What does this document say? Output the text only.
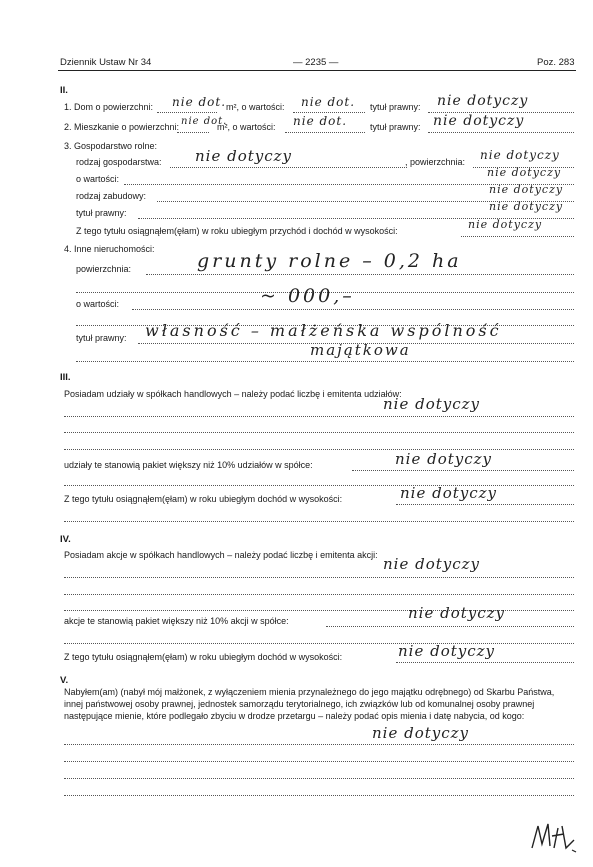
Dziennik Ustaw Nr 34	— 2235 —	Poz. 283
II.
1. Dom o powierzchni: nie dot. m², o wartości: nie dot. tytuł prawny: nie dotyczy
2. Mieszkanie o powierzchni: nie dot.
m², o wartości: nie dot.	tytuł prawny: nie dotyczy
3. Gospodarstwo rolne:
rodzaj gospodarstwa: nie dotyczy	, powierzchnia: nie dotyczy
o wartości:	nie dotyczy
rodzaj zabudowy:	nie dotyczy
tytuł prawny:	nie dotyczy
Z tego tytułu osiągnąłem(ęłam) w roku ubiegłym przychód i dochód w wysokości:	nie dotyczy
4. Inne nieruchomości:
powierzchnia:	grunty rolne – 0,2 ha
o wartości:	~ 000,–
tytuł prawny: własność – małżeńska wspólność
majątkowa
III.
Posiadam udziały w spółkach handlowych – należy podać liczbę i emitenta udziałów:
nie dotyczy
udziały te stanowią pakiet większy niż 10% udziałów w spółce:	nie dotyczy
Z tego tytułu osiągnąłem(ęłam) w roku ubiegłym dochód w wysokości:	nie dotyczy
IV.
Posiadam akcje w spółkach handlowych – należy podać liczbę i emitenta akcji: nie dotyczy
akcje te stanowią pakiet większy niż 10% akcji w spółce:	nie dotyczy
Z tego tytułu osiągnąłem(ęłam) w roku ubiegłym dochód w wysokości:	nie dotyczy
V.
Nabyłem(am) (nabył mój małżonek, z wyłączeniem mienia przynależnego do jego majątku odrębnego) od Skarbu Państwa, innej państwowej osoby prawnej, jednostek samorządu terytorialnego, ich związków lub od komunalnej osoby prawnej następujące mienie, które podlegało zbyciu w drodze przetargu – należy podać opis mienia i datę nabycia, od kogo:
nie dotyczy
